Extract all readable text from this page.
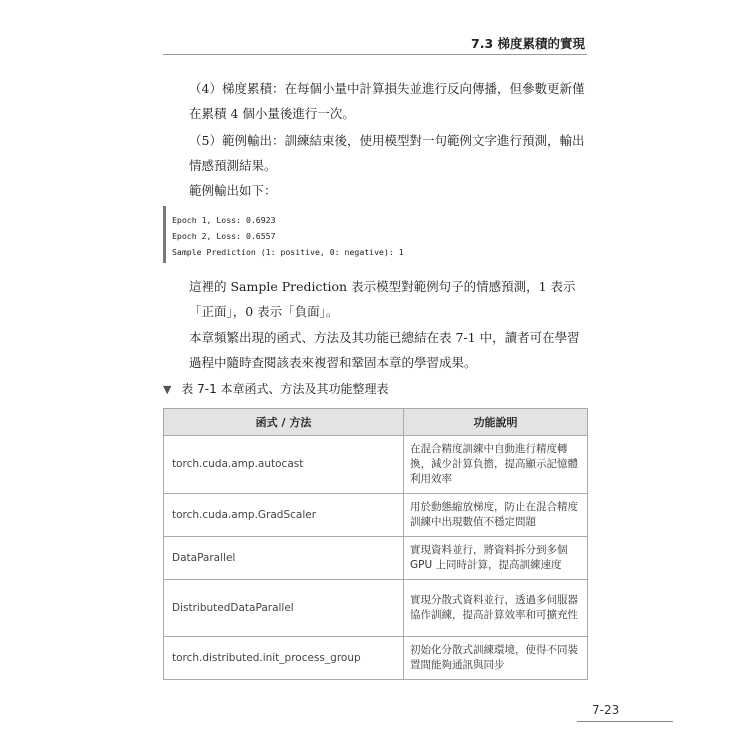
7.3 梯度累積的實現

（4）梯度累積：在每個小量中計算損失並進行反向傳播，但參數更新僅在累積 4 個小量後進行一次。

（5）範例輸出：訓練結束後，使用模型對一句範例文字進行預測，輸出情感預測結果。

範例輸出如下：

Epoch 1, Loss: 0.6923
Epoch 2, Loss: 0.6557
Sample Prediction (1: positive, 0: negative): 1

這裡的 Sample Prediction 表示模型對範例句子的情感預測，1 表示「正面」，0 表示「負面」。

本章頻繁出現的函式、方法及其功能已總結在表 7-1 中，讀者可在學習過程中隨時查閱該表來複習和鞏固本章的學習成果。

▼ 表 7-1 本章函式、方法及其功能整理表
函式 / 方法	功能說明
torch.cuda.amp.autocast	在混合精度訓練中自動進行精度轉換，減少計算負擔，提高顯示記憶體利用效率
torch.cuda.amp.GradScaler	用於動態縮放梯度，防止在混合精度訓練中出現數值不穩定問題
DataParallel	實現資料並行，將資料拆分到多個 GPU 上同時計算，提高訓練速度
DistributedDataParallel	實現分散式資料並行，透過多伺服器協作訓練，提高計算效率和可擴充性
torch.distributed.init_process_group	初始化分散式訓練環境，使得不同裝置間能夠通訊與同步
7-23
